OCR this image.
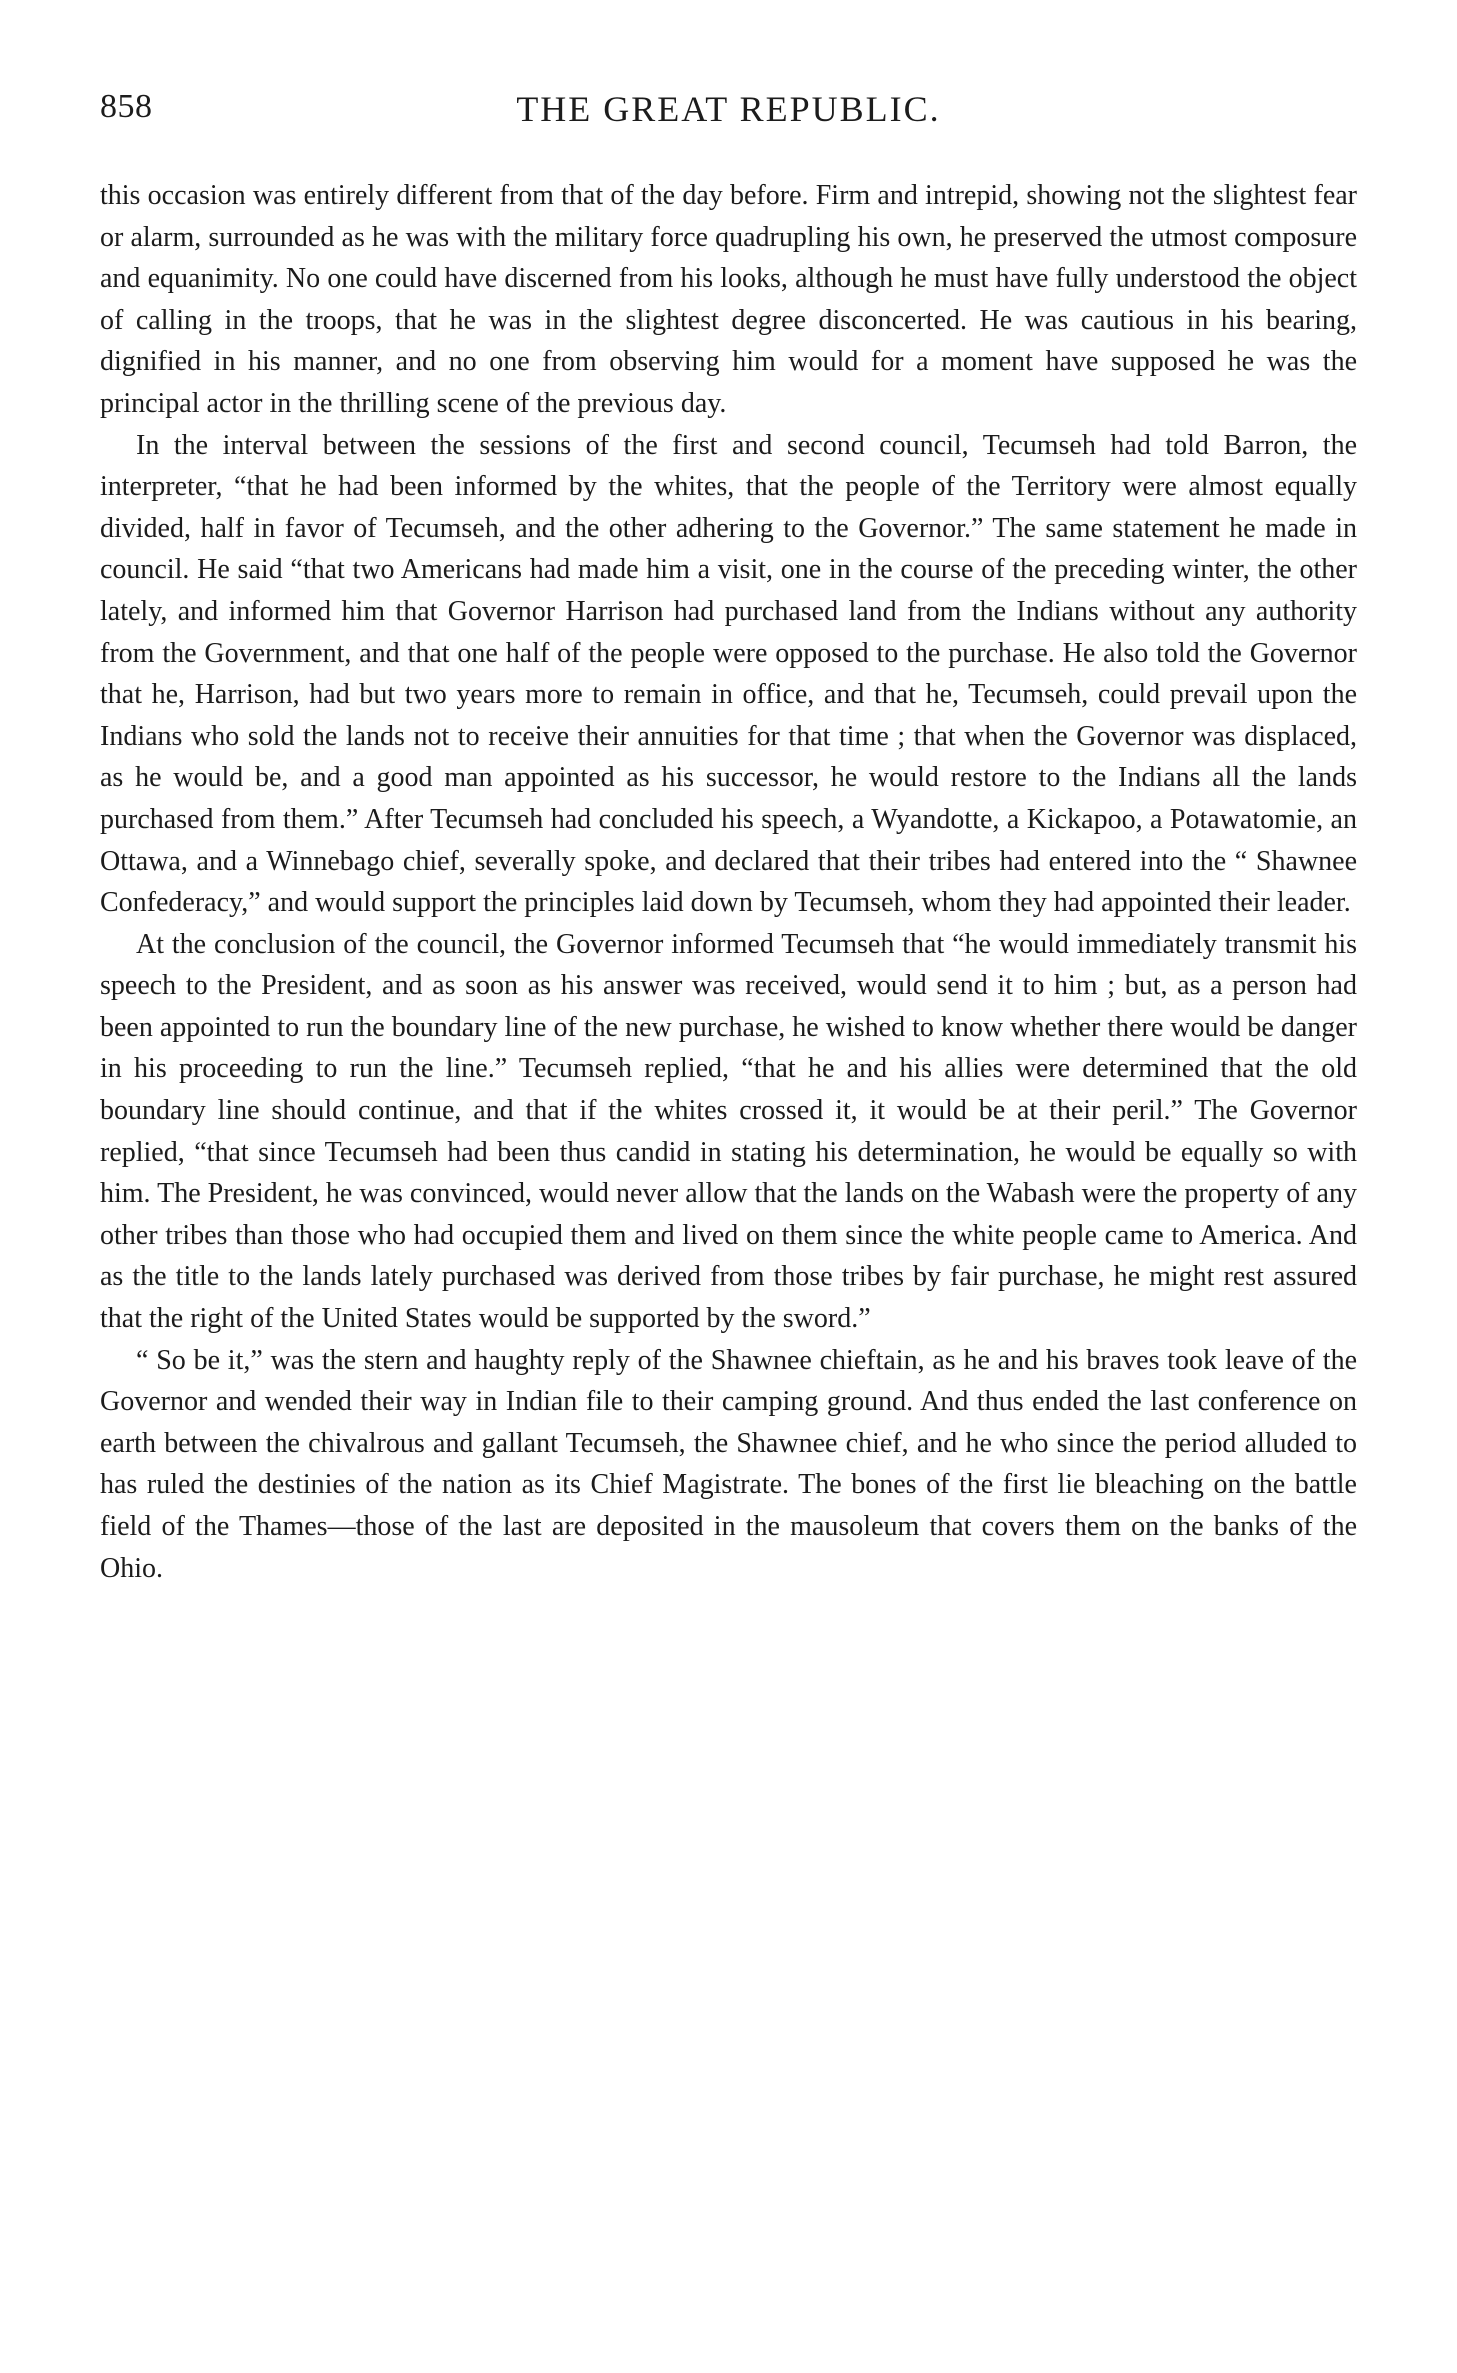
858	THE GREAT REPUBLIC.

this occasion was entirely different from that of the day before. Firm and intrepid, showing not the slightest fear or alarm, surrounded as he was with the military force quadrupling his own, he preserved the utmost composure and equanimity. No one could have discerned from his looks, although he must have fully understood the object of calling in the troops, that he was in the slightest degree disconcerted. He was cautious in his bearing, dignified in his manner, and no one from observing him would for a moment have supposed he was the principal actor in the thrilling scene of the previous day.

In the interval between the sessions of the first and second council, Tecumseh had told Barron, the interpreter, “that he had been informed by the whites, that the people of the Territory were almost equally divided, half in favor of Tecumseh, and the other adhering to the Governor.” The same statement he made in council. He said “that two Americans had made him a visit, one in the course of the preceding winter, the other lately, and informed him that Governor Harrison had purchased land from the Indians without any authority from the Government, and that one half of the people were opposed to the purchase. He also told the Governor that he, Harrison, had but two years more to remain in office, and that he, Tecumseh, could prevail upon the Indians who sold the lands not to receive their annuities for that time ; that when the Governor was displaced, as he would be, and a good man appointed as his successor, he would restore to the Indians all the lands purchased from them.” After Tecumseh had concluded his speech, a Wyandotte, a Kickapoo, a Potawatomie, an Ottawa, and a Winnebago chief, severally spoke, and declared that their tribes had entered into the “ Shawnee Confederacy,” and would support the principles laid down by Tecumseh, whom they had appointed their leader.

At the conclusion of the council, the Governor informed Tecumseh that “he would immediately transmit his speech to the President, and as soon as his answer was received, would send it to him ; but, as a person had been appointed to run the boundary line of the new purchase, he wished to know whether there would be danger in his proceeding to run the line.” Tecumseh replied, “that he and his allies were determined that the old boundary line should continue, and that if the whites crossed it, it would be at their peril.” The Governor replied, “that since Tecumseh had been thus candid in stating his determination, he would be equally so with him. The President, he was convinced, would never allow that the lands on the Wabash were the property of any other tribes than those who had occupied them and lived on them since the white people came to America. And as the title to the lands lately purchased was derived from those tribes by fair purchase, he might rest assured that the right of the United States would be supported by the sword.”

“ So be it,” was the stern and haughty reply of the Shawnee chieftain, as he and his braves took leave of the Governor and wended their way in Indian file to their camping ground. And thus ended the last conference on earth between the chivalrous and gallant Tecumseh, the Shawnee chief, and he who since the period alluded to has ruled the destinies of the nation as its Chief Magistrate. The bones of the first lie bleaching on the battle field of the Thames—those of the last are deposited in the mausoleum that covers them on the banks of the Ohio.
